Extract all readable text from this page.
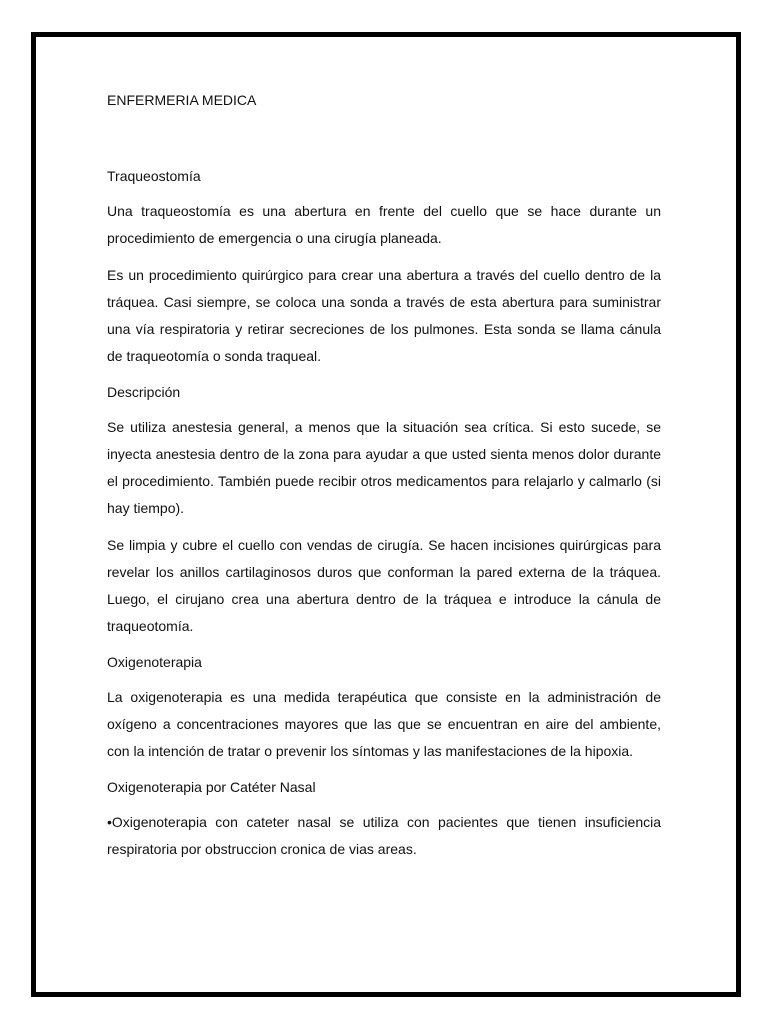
ENFERMERIA MEDICA

Traqueostomía

Una traqueostomía es una abertura en frente del cuello que se hace durante un procedimiento de emergencia o una cirugía planeada.

Es un procedimiento quirúrgico para crear una abertura a través del cuello dentro de la tráquea. Casi siempre, se coloca una sonda a través de esta abertura para suministrar una vía respiratoria y retirar secreciones de los pulmones. Esta sonda se llama cánula de traqueotomía o sonda traqueal.

Descripción

Se utiliza anestesia general, a menos que la situación sea crítica. Si esto sucede, se inyecta anestesia dentro de la zona para ayudar a que usted sienta menos dolor durante el procedimiento. También puede recibir otros medicamentos para relajarlo y calmarlo (si hay tiempo).

Se limpia y cubre el cuello con vendas de cirugía. Se hacen incisiones quirúrgicas para revelar los anillos cartilaginosos duros que conforman la pared externa de la tráquea. Luego, el cirujano crea una abertura dentro de la tráquea e introduce la cánula de traqueotomía.

Oxigenoterapia

La oxigenoterapia es una medida terapéutica que consiste en la administración de oxígeno a concentraciones mayores que las que se encuentran en aire del ambiente, con la intención de tratar o prevenir los síntomas y las manifestaciones de la hipoxia.

Oxigenoterapia por Catéter Nasal

•Oxigenoterapia con cateter nasal se utiliza con pacientes que tienen insuficiencia respiratoria por obstruccion cronica de vias areas.
